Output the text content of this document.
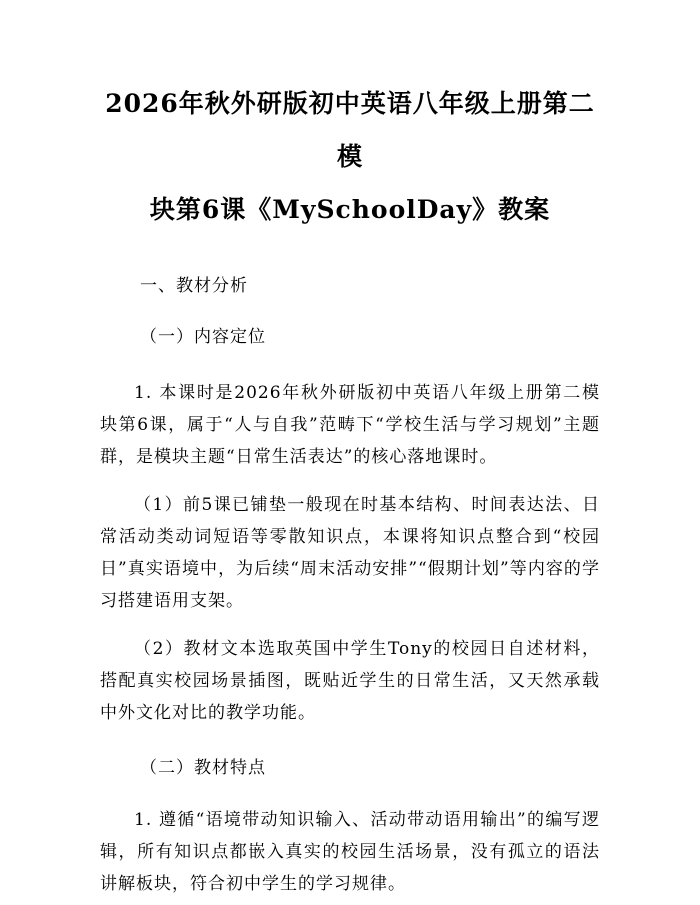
2026年秋外研版初中英语八年级上册第二模
块第6课《MySchoolDay》教案

一、教材分析

（一）内容定位

1. 本课时是2026年秋外研版初中英语八年级上册第二模块第6课，属于“人与自我”范畴下“学校生活与学习规划”主题群，是模块主题“日常生活表达”的核心落地课时。

（1）前5课已铺垫一般现在时基本结构、时间表达法、日常活动类动词短语等零散知识点，本课将知识点整合到“校园日”真实语境中，为后续“周末活动安排”“假期计划”等内容的学习搭建语用支架。

（2）教材文本选取英国中学生Tony的校园日自述材料，搭配真实校园场景插图，既贴近学生的日常生活，又天然承载中外文化对比的教学功能。

（二）教材特点

1. 遵循“语境带动知识输入、活动带动语用输出”的编写逻辑，所有知识点都嵌入真实的校园生活场景，没有孤立的语法讲解板块，符合初中学生的学习规律。
